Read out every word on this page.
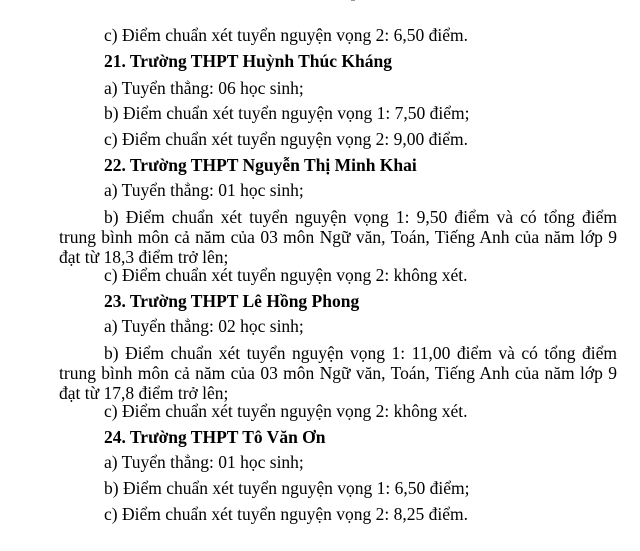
c) Điểm chuẩn xét tuyển nguyện vọng 2: 6,50 điểm.
21. Trường THPT Huỳnh Thúc Kháng
a) Tuyển thẳng: 06 học sinh;
b) Điểm chuẩn xét tuyển nguyện vọng 1: 7,50 điểm;
c) Điểm chuẩn xét tuyển nguyện vọng 2: 9,00 điểm.
22. Trường THPT Nguyễn Thị Minh Khai
a) Tuyển thẳng: 01 học sinh;
b) Điểm chuẩn xét tuyển nguyện vọng 1: 9,50 điểm và có tổng điểm trung bình môn cả năm của 03 môn Ngữ văn, Toán, Tiếng Anh của năm lớp 9 đạt từ 18,3 điểm trở lên;
c) Điểm chuẩn xét tuyển nguyện vọng 2: không xét.
23. Trường THPT Lê Hồng Phong
a) Tuyển thẳng: 02 học sinh;
b) Điểm chuẩn xét tuyển nguyện vọng 1: 11,00 điểm và có tổng điểm trung bình môn cả năm của 03 môn Ngữ văn, Toán, Tiếng Anh của năm lớp 9 đạt từ 17,8 điểm trở lên;
c) Điểm chuẩn xét tuyển nguyện vọng 2: không xét.
24. Trường THPT Tô Văn Ơn
a) Tuyển thẳng: 01 học sinh;
b) Điểm chuẩn xét tuyển nguyện vọng 1: 6,50 điểm;
c) Điểm chuẩn xét tuyển nguyện vọng 2: 8,25 điểm.
